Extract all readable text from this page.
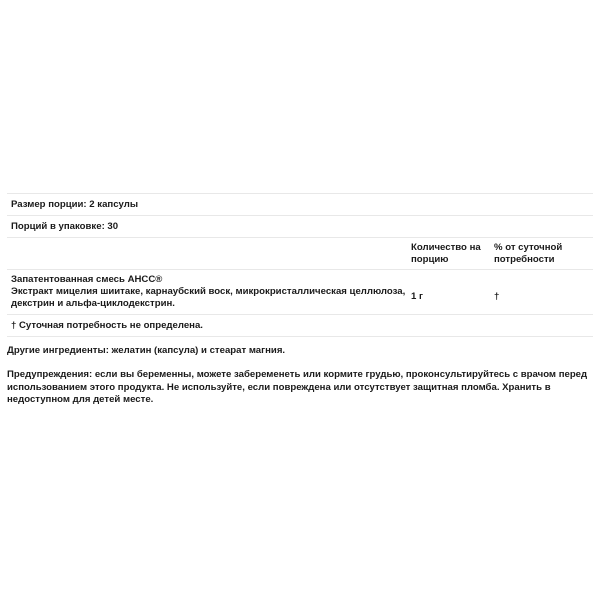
Размер порции: 2 капсулы
Порций в упаковке: 30
Количество на порцию
% от суточной потребности
Запатентованная смесь AHCC®
Экстракт мицелия шиитаке, карнаубский воск, микрокристаллическая целлюлоза, декстрин и альфа-циклодекстрин.
1 г	†
† Суточная потребность не определена.
Другие ингредиенты: желатин (капсула) и стеарат магния.
Предупреждения: если вы беременны, можете забеременеть или кормите грудью, проконсультируйтесь с врачом перед использованием этого продукта. Не используйте, если повреждена или отсутствует защитная пломба. Хранить в недоступном для детей месте.
